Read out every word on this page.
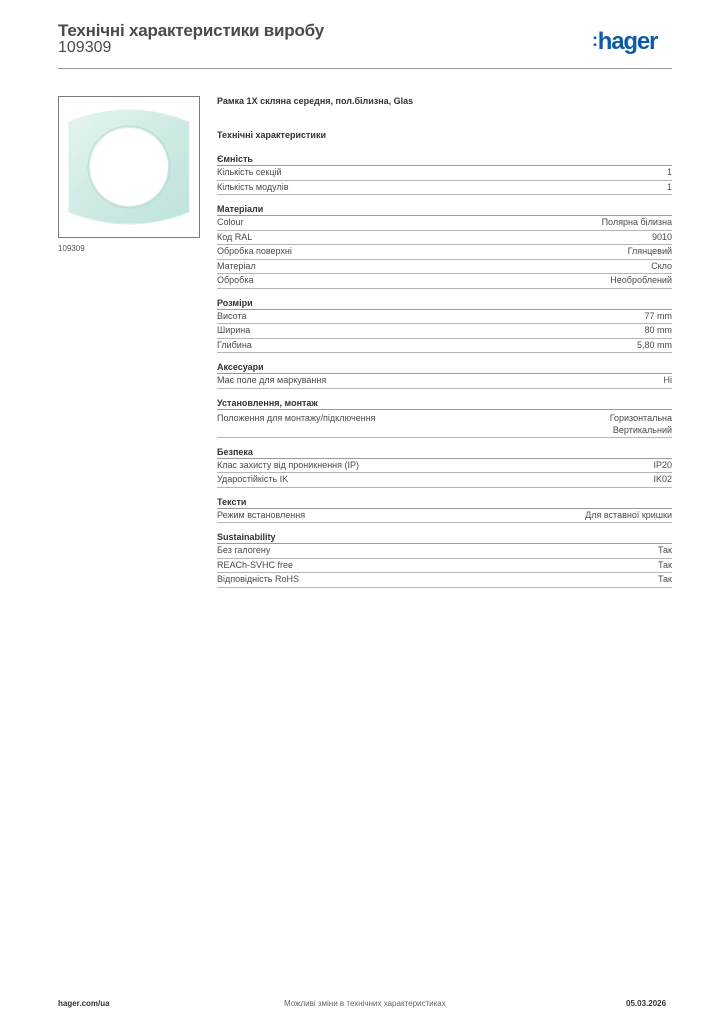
Технічні характеристики виробу
109309	:hager
109309
Рамка 1X скляна середня, пол.білизна, Glas
Технічні характеристики
Ємність
Кількість секцій	1
Кількість модулів	1
Матеріали
Colour	Полярна білизна
Код RAL	9010
Обробка поверхні	Глянцевий
Матеріал	Скло
Обробка	Необроблений
Розміри
Висота	77 mm
Ширина	80 mm
Глибина	5,80 mm
Аксесуари
Має поле для маркування	Ні
Установлення, монтаж
Положення для монтажу/підключення	Горизонтальна
Вертикальний
Безпека
Клас захисту від проникнення (IP)	IP20
Ударостійкість IK	IK02
Тексти
Режим встановлення	Для вставної кришки
Sustainability
Без галогену	Так
REACh-SVHC free	Так
Відповідність RoHS	Так
hager.com/ua	Можливі зміни в технічних характеристиках	05.03.2026
